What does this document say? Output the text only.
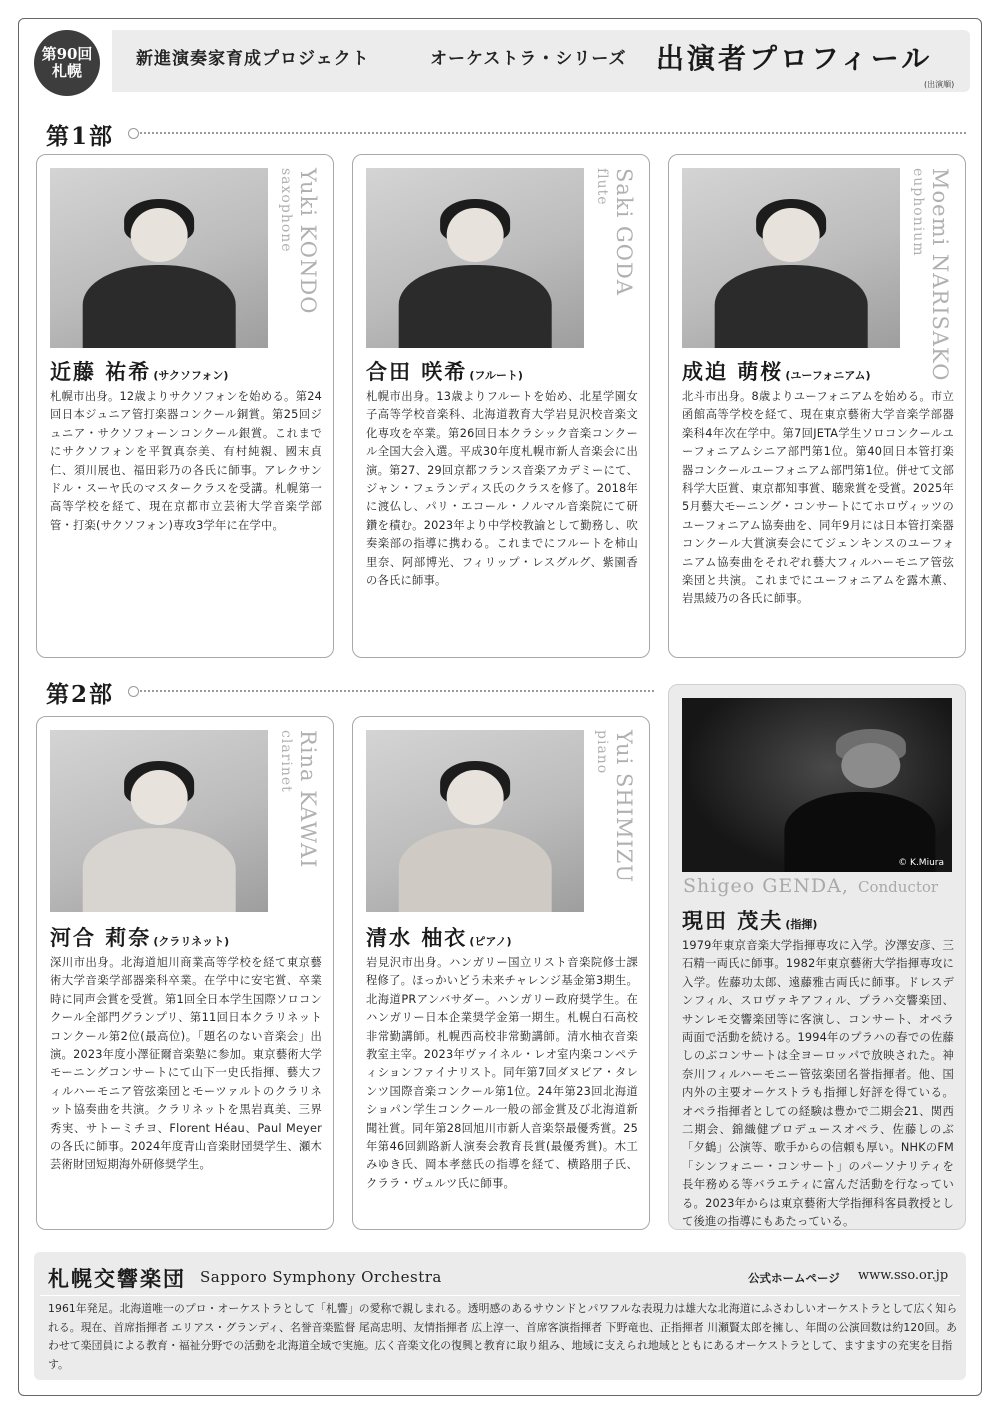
第90回
札幌
新進演奏家育成プロジェクト	オーケストラ・シリーズ 出演者プロフィール
(出演順)
第1部
Yuki KONDO
saxophone
近藤 祐希 (サクソフォン)
札幌市出身。12歳よりサクソフォンを始める。第24回日本ジュニア管打楽器コンクール銅賞。第25回ジュニア・サクソフォーンコンクール銀賞。これまでにサクソフォンを平賀真奈美、有村純親、國末貞仁、須川展也、福田彩乃の各氏に師事。アレクサンドル・スーヤ氏のマスタークラスを受講。札幌第一高等学校を経て、現在京都市立芸術大学音楽学部管・打楽(サクソフォン)専攻3学年に在学中。
Saki GODA
flute
合田 咲希 (フルート)
札幌市出身。13歳よりフルートを始め、北星学園女子高等学校音楽科、北海道教育大学岩見沢校音楽文化専攻を卒業。第26回日本クラシック音楽コンクール全国大会入選。平成30年度札幌市新人音楽会に出演。第27、29回京都フランス音楽アカデミーにて、ジャン・フェランディス氏のクラスを修了。2018年に渡仏し、パリ・エコール・ノルマル音楽院にて研鑽を積む。2023年より中学校教諭として勤務し、吹奏楽部の指導に携わる。これまでにフルートを柿山里奈、阿部博光、フィリップ・レスグルグ、紫園香の各氏に師事。
Moemi NARISAKO
euphonium
成迫 萌桜 (ユーフォニアム)
北斗市出身。8歳よりユーフォニアムを始める。市立函館高等学校を経て、現在東京藝術大学音楽学部器楽科4年次在学中。第7回JETA学生ソロコンクールユーフォニアムシニア部門第1位。第40回日本管打楽器コンクールユーフォニアム部門第1位。併せて文部科学大臣賞、東京都知事賞、聴衆賞を受賞。2025年5月藝大モーニング・コンサートにてホロヴィッツのユーフォニアム協奏曲を、同年9月には日本管打楽器コンクール大賞演奏会にてジェンキンスのユーフォニアム協奏曲をそれぞれ藝大フィルハーモニア管弦楽団と共演。これまでにユーフォニアムを露木薫、岩黒綾乃の各氏に師事。
第2部
Rina KAWAI
clarinet
河合 莉奈 (クラリネット)
深川市出身。北海道旭川商業高等学校を経て東京藝術大学音楽学部器楽科卒業。在学中に安宅賞、卒業時に同声会賞を受賞。第1回全日本学生国際ソロコンクール全部門グランプリ、第11回日本クラリネットコンクール第2位(最高位)。「題名のない音楽会」出演。2023年度小澤征爾音楽塾に参加。東京藝術大学モーニングコンサートにて山下一史氏指揮、藝大フィルハーモニア管弦楽団とモーツァルトのクラリネット協奏曲を共演。クラリネットを黒岩真美、三界秀実、サトーミチヨ、Florent Héau、Paul Meyerの各氏に師事。2024年度青山音楽財団奨学生、瀬木芸術財団短期海外研修奨学生。
Yui SHIMIZU
piano
清水 柚衣 (ピアノ)
岩見沢市出身。ハンガリー国立リスト音楽院修士課程修了。ほっかいどう未来チャレンジ基金第3期生。北海道PRアンバサダー。ハンガリー政府奨学生。在ハンガリー日本企業奨学金第一期生。札幌白石高校非常勤講師。札幌西高校非常勤講師。清水柚衣音楽教室主宰。2023年ヴァイネル・レオ室内楽コンペティションファイナリスト。同年第7回ダヌビア・タレンツ国際音楽コンクール第1位。24年第23回北海道ショパン学生コンクール一般の部金賞及び北海道新聞社賞。同年第28回旭川市新人音楽祭最優秀賞。25年第46回釧路新人演奏会教育長賞(最優秀賞)。木工みゆき氏、岡本孝慈氏の指導を経て、横路朋子氏、クララ・ヴュルツ氏に師事。
© K.Miura
Shigeo GENDA, Conductor
現田 茂夫 (指揮)
1979年東京音楽大学指揮専攻に入学。汐澤安彦、三石精一両氏に師事。1982年東京藝術大学指揮専攻に入学。佐藤功太郎、遠藤雅古両氏に師事。ドレスデンフィル、スロヴァキアフィル、プラハ交響楽団、サンレモ交響楽団等に客演し、コンサート、オペラ両面で活動を続ける。1994年のプラハの春での佐藤しのぶコンサートは全ヨーロッパで放映された。神奈川フィルハーモニー管弦楽団名誉指揮者。他、国内外の主要オーケストラも指揮し好評を得ている。オペラ指揮者としての経験は豊かで二期会21、関西二期会、錦織健プロデュースオペラ、佐藤しのぶ「夕鶴」公演等、歌手からの信頼も厚い。NHKのFM「シンフォニー・コンサート」のパーソナリティを長年務める等バラエティに富んだ活動を行なっている。2023年からは東京藝術大学指揮科客員教授として後進の指導にもあたっている。
札幌交響楽団 Sapporo Symphony Orchestra	公式ホームページ www.sso.or.jp
1961年発足。北海道唯一のプロ・オーケストラとして「札響」の愛称で親しまれる。透明感のあるサウンドとパワフルな表現力は雄大な北海道にふさわしいオーケストラとして広く知られる。現在、首席指揮者 エリアス・グランディ、名誉音楽監督 尾高忠明、友情指揮者 広上淳一、首席客演指揮者 下野竜也、正指揮者 川瀬賢太郎を擁し、年間の公演回数は約120回。あわせて楽団員による教育・福祉分野での活動を北海道全域で実施。広く音楽文化の復興と教育に取り組み、地域に支えられ地域とともにあるオーケストラとして、ますますの充実を目指す。
